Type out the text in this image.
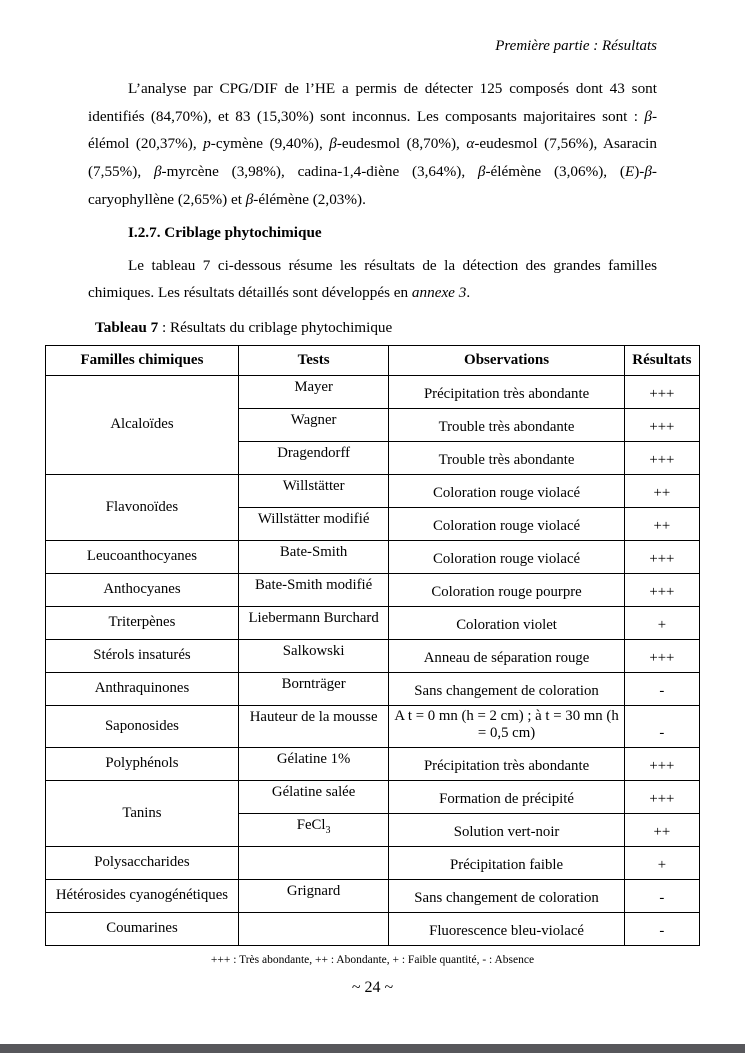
Première partie : Résultats

L’analyse par CPG/DIF de l’HE a permis de détecter 125 composés dont 43 sont identifiés (84,70%), et 83 (15,30%) sont inconnus. Les composants majoritaires sont : β-élémol (20,37%), p-cymène (9,40%), β-eudesmol (8,70%), α-eudesmol (7,56%), Asaracin (7,55%), β-myrcène (3,98%), cadina-1,4-diène (3,64%), β-élémène (3,06%), (E)-β-caryophyllène (2,65%) et β-élémène (2,03%).

I.2.7. Criblage phytochimique

Le tableau 7 ci-dessous résume les résultats de la détection des grandes familles chimiques. Les résultats détaillés sont développés en annexe 3.

Tableau 7 : Résultats du criblage phytochimique

Familles chimiques	Tests	Observations	Résultats
Alcaloïdes	Mayer	Précipitation très abondante	+++
	Wagner	Trouble très abondante	+++
	Dragendorff	Trouble très abondante	+++
Flavonoïdes	Willstätter	Coloration rouge violacé	++
	Willstätter modifié	Coloration rouge violacé	++
Leucoanthocyanes	Bate-Smith	Coloration rouge violacé	+++
Anthocyanes	Bate-Smith modifié	Coloration rouge pourpre	+++
Triterpènes	Liebermann Burchard	Coloration violet	+
Stérols insaturés	Salkowski	Anneau de séparation rouge	+++
Anthraquinones	Bornträger	Sans changement de coloration	-
Saponosides	Hauteur de la mousse	A t = 0 mn (h = 2 cm) ; à t = 30 mn (h = 0,5 cm)	-
Polyphénols	Gélatine 1%	Précipitation très abondante	+++
Tanins	Gélatine salée	Formation de précipité	+++
	FeCl$_3$	Solution vert-noir	++
Polysaccharides		Précipitation faible	+
Hétérosides cyanogénétiques	Grignard	Sans changement de coloration	-
Coumarines		Fluorescence bleu-violacé	-
+++ : Très abondante, ++ : Abondante, + : Faible quantité, - : Absence
~ 24 ~
